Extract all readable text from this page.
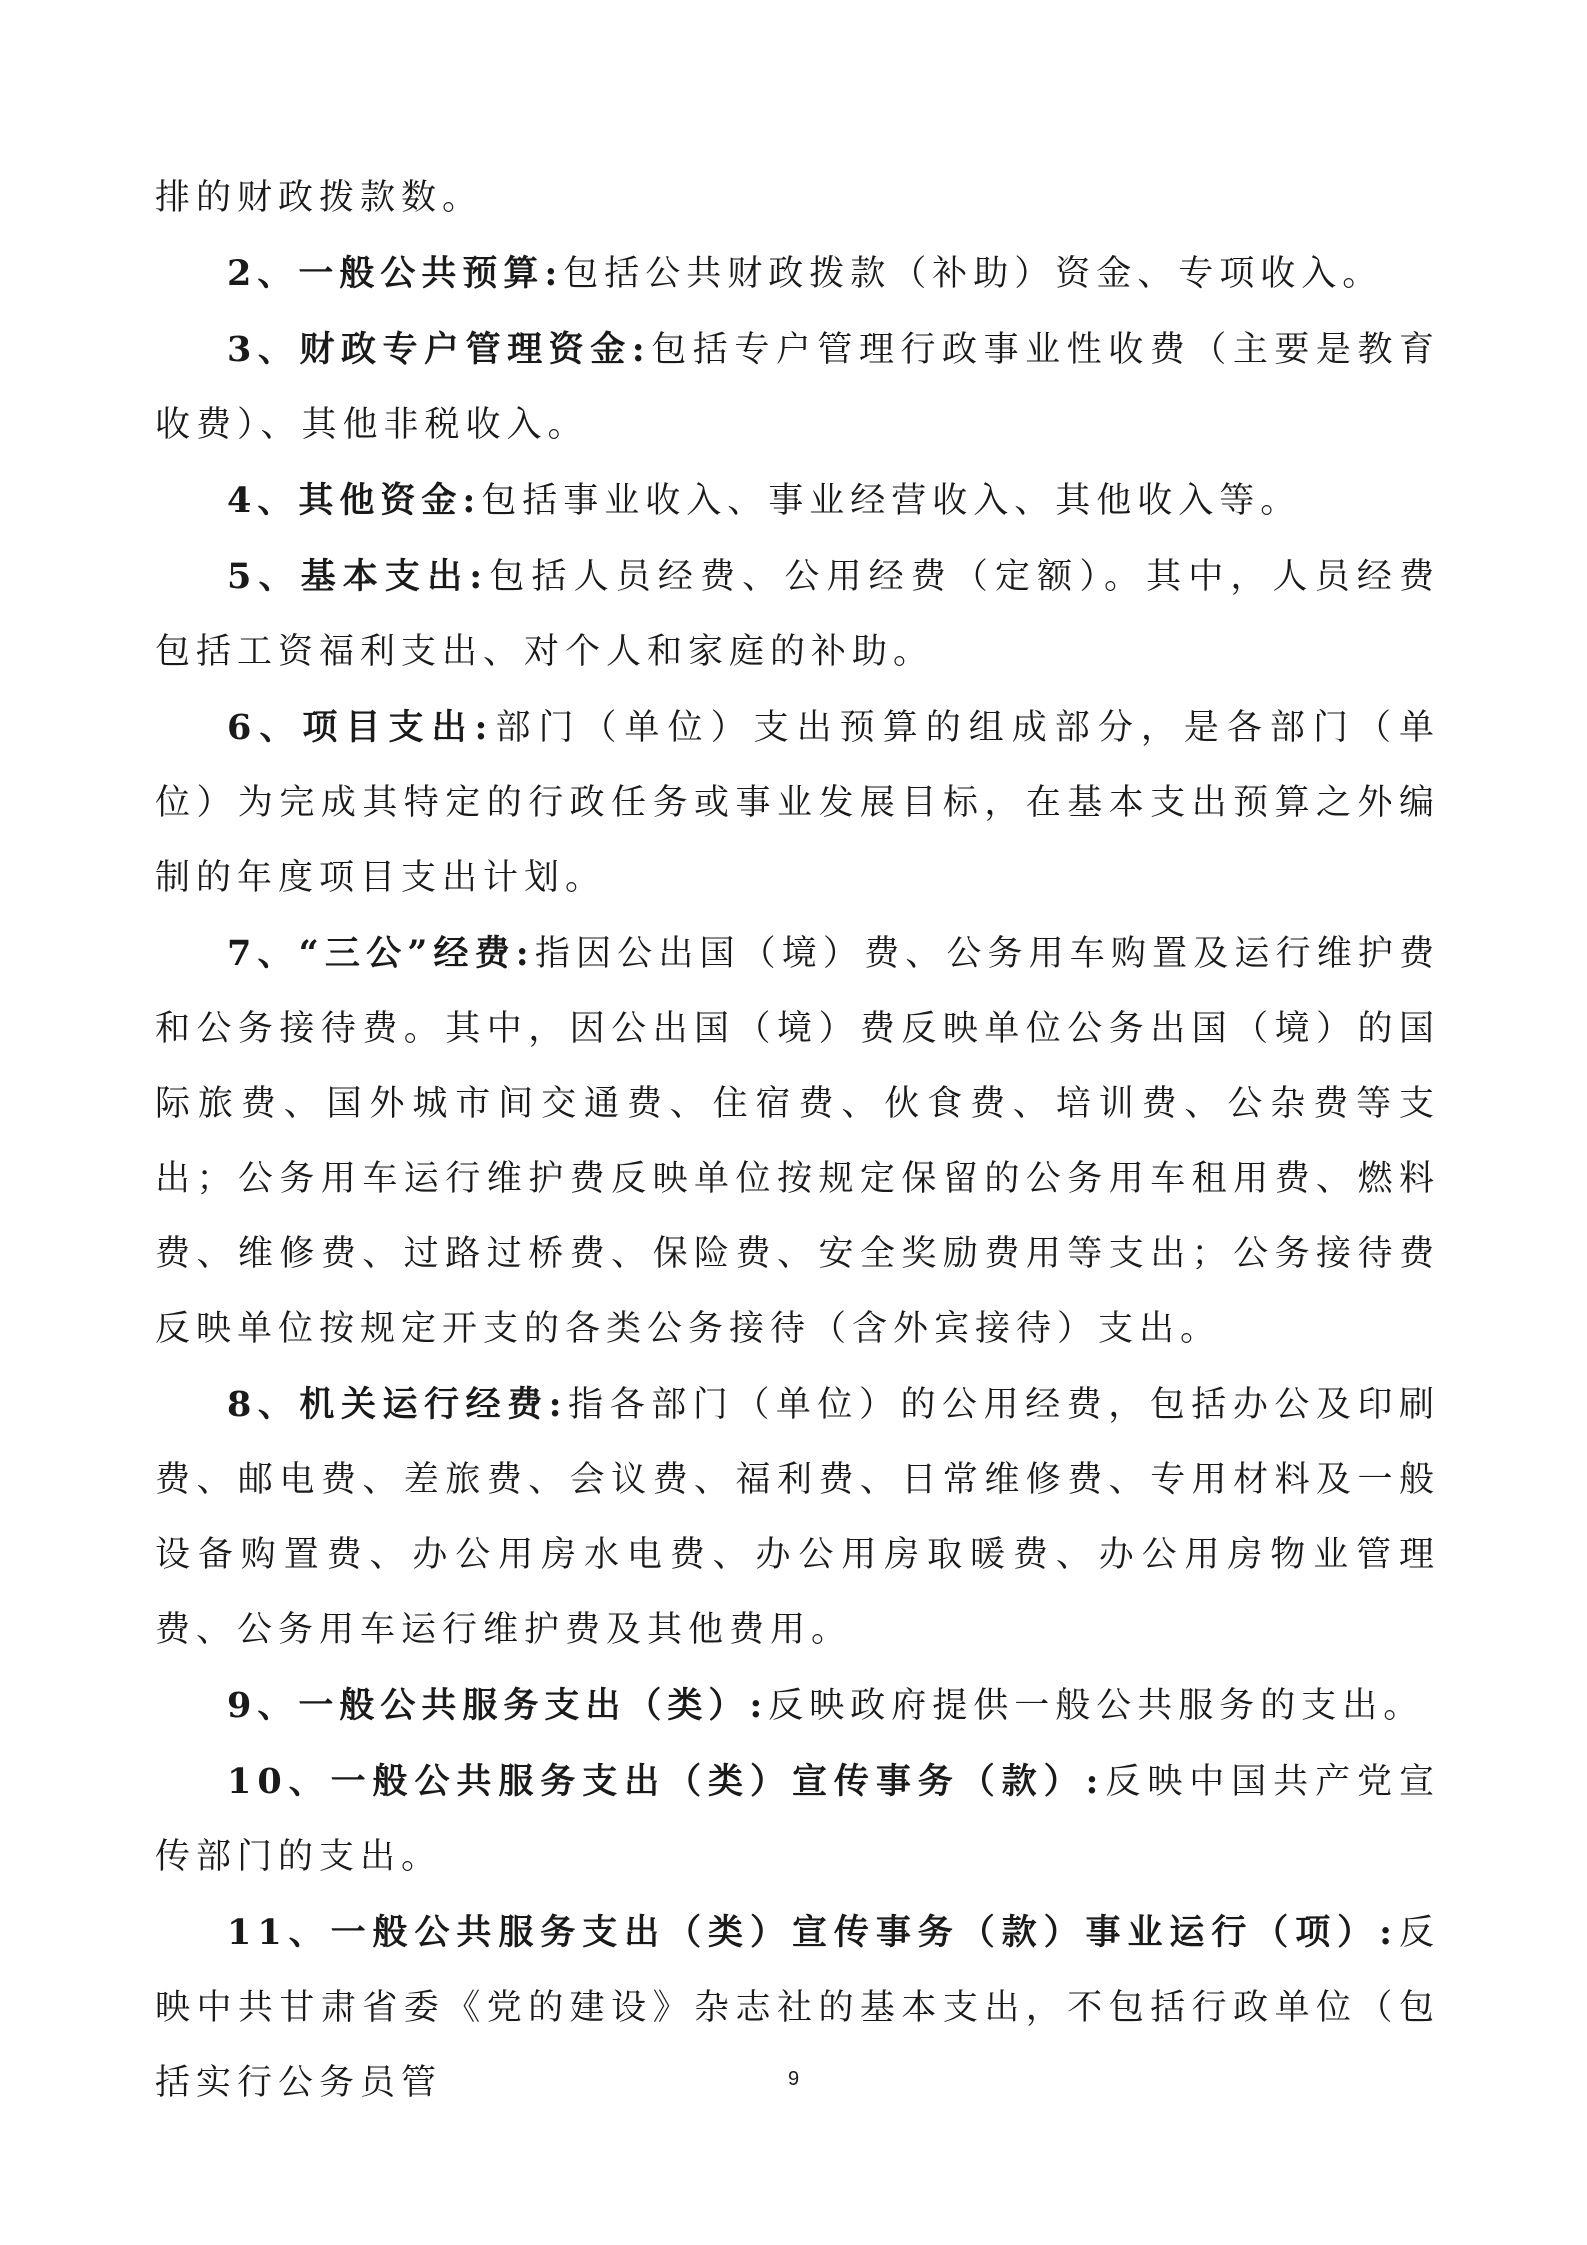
排的财政拨款数。

2、一般公共预算:包括公共财政拨款（补助）资金、专项收入。

3、财政专户管理资金:包括专户管理行政事业性收费（主要是教育收费）、其他非税收入。

4、其他资金:包括事业收入、事业经营收入、其他收入等。

5、基本支出:包括人员经费、公用经费（定额）。其中，人员经费包括工资福利支出、对个人和家庭的补助。

6、项目支出:部门（单位）支出预算的组成部分，是各部门（单位）为完成其特定的行政任务或事业发展目标，在基本支出预算之外编制的年度项目支出计划。

7、“三公”经费:指因公出国（境）费、公务用车购置及运行维护费和公务接待费。其中，因公出国（境）费反映单位公务出国（境）的国际旅费、国外城市间交通费、住宿费、伙食费、培训费、公杂费等支出；公务用车运行维护费反映单位按规定保留的公务用车租用费、燃料费、维修费、过路过桥费、保险费、安全奖励费用等支出；公务接待费反映单位按规定开支的各类公务接待（含外宾接待）支出。

8、机关运行经费:指各部门（单位）的公用经费，包括办公及印刷费、邮电费、差旅费、会议费、福利费、日常维修费、专用材料及一般设备购置费、办公用房水电费、办公用房取暖费、办公用房物业管理费、公务用车运行维护费及其他费用。

9、一般公共服务支出（类）:反映政府提供一般公共服务的支出。

10、一般公共服务支出（类）宣传事务（款）:反映中国共产党宣传部门的支出。

11、一般公共服务支出（类）宣传事务（款）事业运行（项）:反映中共甘肃省委《党的建设》杂志社的基本支出，不包括行政单位（包括实行公务员管	9
